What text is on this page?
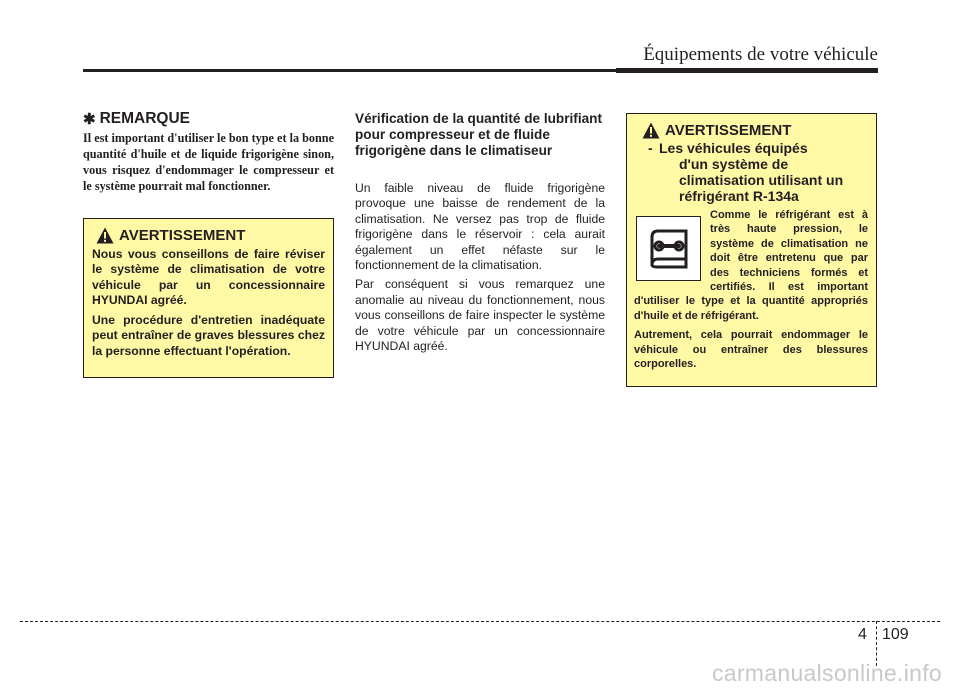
Équipements de votre véhicule
✱ REMARQUE
Il est important d'utiliser le bon type et la bonne quantité d'huile et de liquide frigorigène sinon, vous risquez d'endommager le compresseur et le système pourrait mal fonctionner.
AVERTISSEMENT
Nous vous conseillons de faire réviser le système de climatisation de votre véhicule par un concessionnaire HYUNDAI agréé.
Une procédure d'entretien inadéquate peut entraîner de graves blessures chez la personne effectuant l'opération.
Vérification de la quantité de lubrifiant pour compresseur et de fluide frigorigène dans le climatiseur
Un faible niveau de fluide frigorigène provoque une baisse de rendement de la climatisation. Ne versez pas trop de fluide frigorigène dans le réservoir : cela aurait également un effet néfaste sur le fonctionnement de la climatisation.
Par conséquent si vous remarquez une anomalie au niveau du fonctionnement, nous vous conseillons de faire inspecter le système de votre véhicule par un concessionnaire HYUNDAI agréé.
AVERTISSEMENT
- Les véhicules équipés
d'un système de climatisation utilisant un réfrigérant R-134a
Comme le réfrigérant est à très haute pression, le système de climatisation ne doit être entretenu que par des techniciens formés et certifiés. Il est important d'utiliser le type et la quantité appropriés d'huile et de réfrigérant.
Autrement, cela pourrait endommager le véhicule ou entraîner des blessures corporelles.
4 109
carmanualsonline.info
